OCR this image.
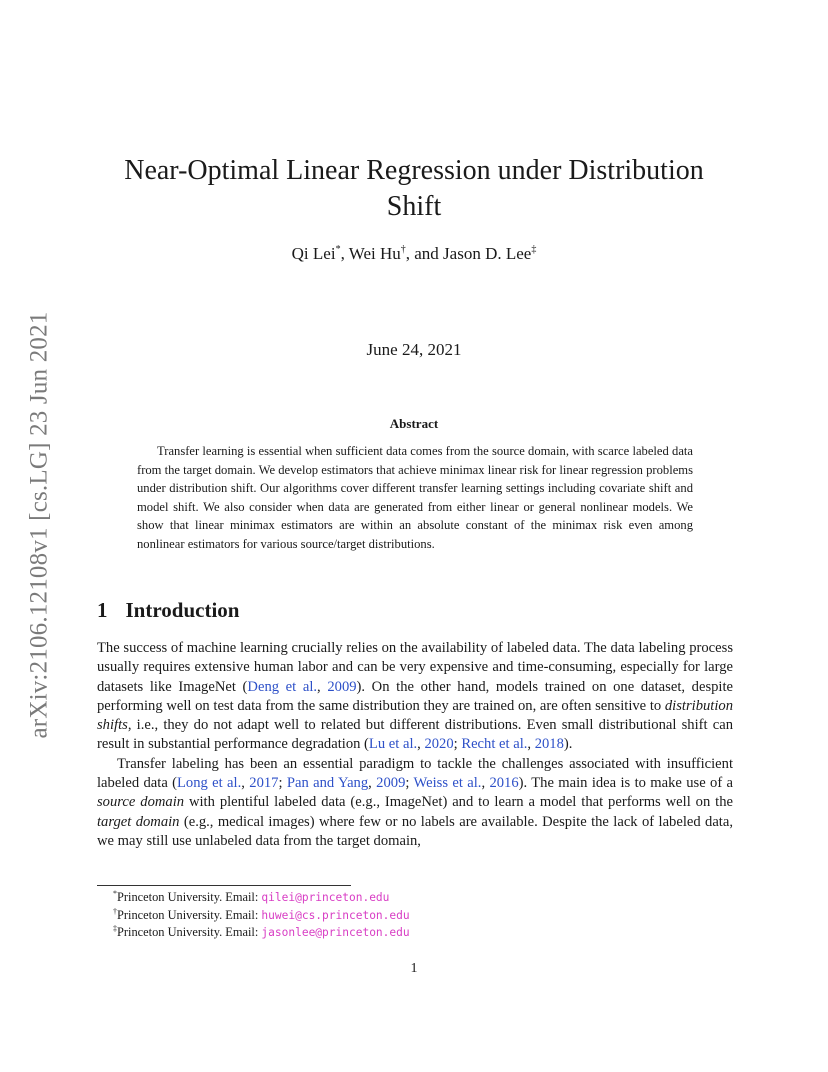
arXiv:2106.12108v1 [cs.LG] 23 Jun 2021
Near-Optimal Linear Regression under Distribution Shift
Qi Lei*, Wei Hu†, and Jason D. Lee‡
June 24, 2021
Abstract

Transfer learning is essential when sufficient data comes from the source domain, with scarce labeled data from the target domain. We develop estimators that achieve minimax linear risk for linear regression problems under distribution shift. Our algorithms cover different transfer learning settings including covariate shift and model shift. We also consider when data are generated from either linear or general nonlinear models. We show that linear minimax estimators are within an absolute constant of the minimax risk even among nonlinear estimators for various source/target distributions.

1 Introduction

The success of machine learning crucially relies on the availability of labeled data. The data labeling process usually requires extensive human labor and can be very expensive and time-consuming, especially for large datasets like ImageNet (Deng et al., 2009). On the other hand, models trained on one dataset, despite performing well on test data from the same distribution they are trained on, are often sensitive to distribution shifts, i.e., they do not adapt well to related but different distributions. Even small distributional shift can result in substantial performance degradation (Lu et al., 2020; Recht et al., 2018).

Transfer labeling has been an essential paradigm to tackle the challenges associated with insufficient labeled data (Long et al., 2017; Pan and Yang, 2009; Weiss et al., 2016). The main idea is to make use of a source domain with plentiful labeled data (e.g., ImageNet) and to learn a model that performs well on the target domain (e.g., medical images) where few or no labels are available. Despite the lack of labeled data, we may still use unlabeled data from the target domain,

*Princeton University. Email: qilei@princeton.edu
†Princeton University. Email: huwei@cs.princeton.edu
‡Princeton University. Email: jasonlee@princeton.edu
1
